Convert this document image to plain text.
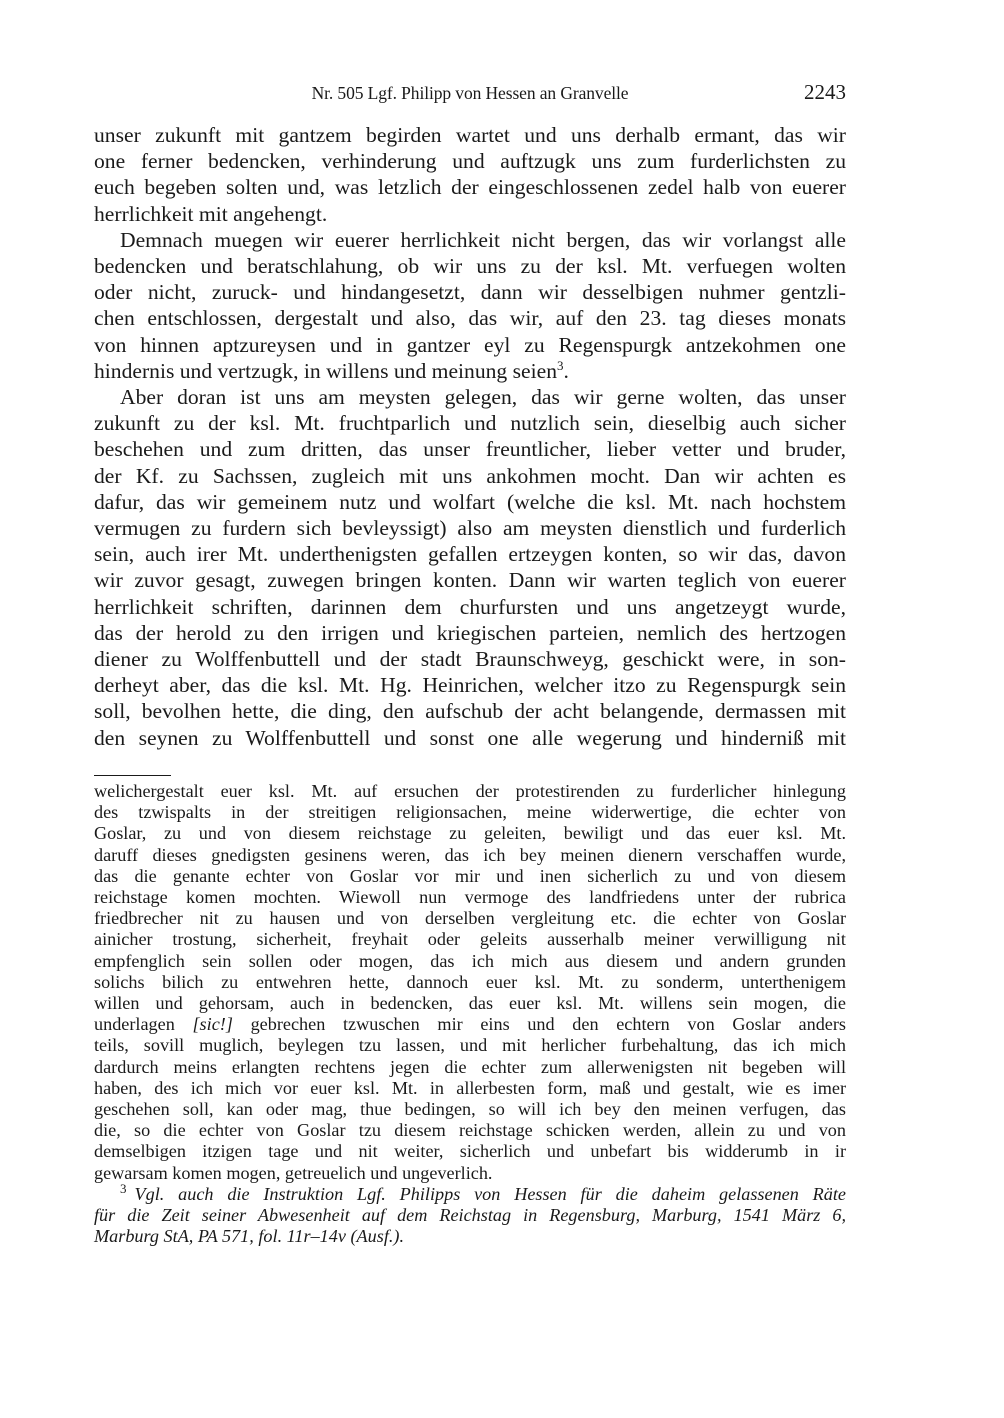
Nr. 505 Lgf. Philipp von Hessen an Granvelle	2243

unser zukunft mit gantzem begirden wartet und uns derhalb ermant, das wir
one ferner bedencken, verhinderung und auftzugk uns zum furderlichsten zu
euch begeben solten und, was letzlich der eingeschlossenen zedel halb von euerer
herrlichkeit mit angehengt.

Demnach muegen wir euerer herrlichkeit nicht bergen, das wir vorlangst alle
bedencken und beratschlahung, ob wir uns zu der ksl. Mt. verfuegen wolten
oder nicht, zuruck- und hindangesetzt, dann wir desselbigen nuhmer gentzli-
chen entschlossen, dergestalt und also, das wir, auf den 23. tag dieses monats
von hinnen aptzureysen und in gantzer eyl zu Regenspurgk antzekohmen one
hindernis und vertzugk, in willens und meinung seien$^3$.

Aber doran ist uns am meysten gelegen, das wir gerne wolten, das unser
zukunft zu der ksl. Mt. fruchtparlich und nutzlich sein, dieselbig auch sicher
beschehen und zum dritten, das unser freuntlicher, lieber vetter und bruder,
der Kf. zu Sachssen, zugleich mit uns ankohmen mocht. Dan wir achten es
dafur, das wir gemeinem nutz und wolfart (welche die ksl. Mt. nach hochstem
vermugen zu furdern sich bevleyssigt) also am meysten dienstlich und furderlich
sein, auch irer Mt. underthenigsten gefallen ertzeygen konten, so wir das, davon
wir zuvor gesagt, zuwegen bringen konten. Dann wir warten teglich von euerer
herrlichkeit schriften, darinnen dem churfursten und uns angetzeygt wurde,
das der herold zu den irrigen und kriegischen parteien, nemlich des hertzogen
diener zu Wolffenbuttell und der stadt Braunschweyg, geschickt were, in son-
derheyt aber, das die ksl. Mt. Hg. Heinrichen, welcher itzo zu Regenspurgk sein
soll, bevolhen hette, die ding, den aufschub der acht belangende, dermassen mit
den seynen zu Wolffenbuttell und sonst one alle wegerung und hinderniß mit

welichergestalt euer ksl. Mt. auf ersuchen der protestirenden zu furderlicher hinlegung
des tzwispalts in der streitigen religionsachen, meine widerwertige, die echter von
Goslar, zu und von diesem reichstage zu geleiten, bewiligt und das euer ksl. Mt.
daruff dieses gnedigsten gesinens weren, das ich bey meinen dienern verschaffen wurde,
das die genante echter von Goslar vor mir und inen sicherlich zu und von diesem
reichstage komen mochten. Wiewoll nun vermoge des landfriedens unter der rubrica
friedbrecher nit zu hausen und von derselben vergleitung etc. die echter von Goslar
ainicher trostung, sicherheit, freyhait oder geleits ausserhalb meiner verwilligung nit
empfenglich sein sollen oder mogen, das ich mich aus diesem und andern grunden
solichs bilich zu entwehren hette, dannoch euer ksl. Mt. zu sonderm, unterthenigem
willen und gehorsam, auch in bedencken, das euer ksl. Mt. willens sein mogen, die
underlagen [sic!] gebrechen tzwuschen mir eins und den echtern von Goslar anders
teils, sovill muglich, beylegen tzu lassen, und mit herlicher furbehaltung, das ich mich
dardurch meins erlangten rechtens jegen die echter zum allerwenigsten nit begeben will
haben, des ich mich vor euer ksl. Mt. in allerbesten form, maß und gestalt, wie es imer
geschehen soll, kan oder mag, thue bedingen, so will ich bey den meinen verfugen, das
die, so die echter von Goslar tzu diesem reichstage schicken werden, allein zu und von
demselbigen itzigen tage und nit weiter, sicherlich und unbefart bis widderumb in ir
gewarsam komen mogen, getreuelich und ungeverlich.
$^3$ Vgl. auch die Instruktion Lgf. Philipps von Hessen für die daheim gelassenen Räte
für die Zeit seiner Abwesenheit auf dem Reichstag in Regensburg, Marburg, 1541 März 6,
Marburg StA, PA 571, fol. 11r–14v (Ausf.).
